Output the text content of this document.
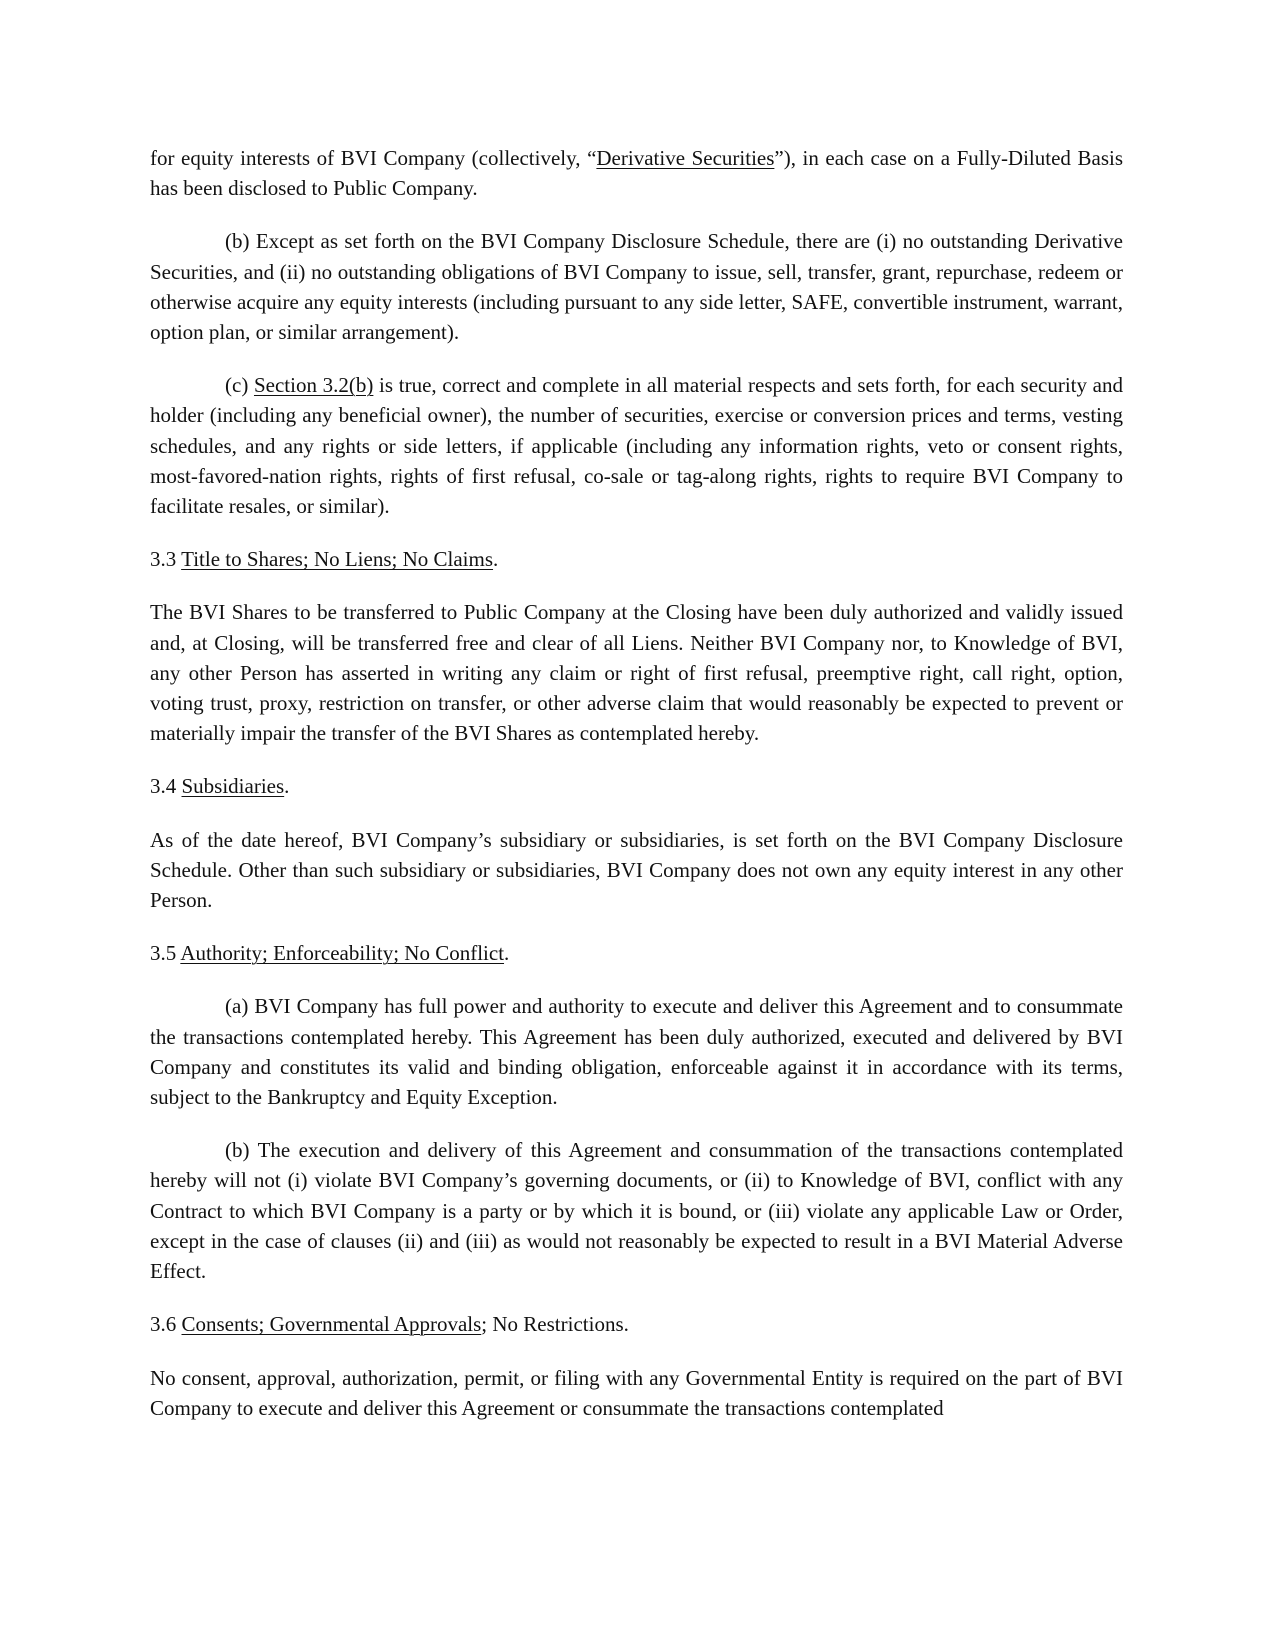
for equity interests of BVI Company (collectively, “Derivative Securities”), in each case on a Fully-Diluted Basis has been disclosed to Public Company.

(b) Except as set forth on the BVI Company Disclosure Schedule, there are (i) no outstanding Derivative Securities, and (ii) no outstanding obligations of BVI Company to issue, sell, transfer, grant, repurchase, redeem or otherwise acquire any equity interests (including pursuant to any side letter, SAFE, convertible instrument, warrant, option plan, or similar arrangement).

(c) Section 3.2(b) is true, correct and complete in all material respects and sets forth, for each security and holder (including any beneficial owner), the number of securities, exercise or conversion prices and terms, vesting schedules, and any rights or side letters, if applicable (including any information rights, veto or consent rights, most-favored-nation rights, rights of first refusal, co-sale or tag-along rights, rights to require BVI Company to facilitate resales, or similar).

3.3 Title to Shares; No Liens; No Claims.

The BVI Shares to be transferred to Public Company at the Closing have been duly authorized and validly issued and, at Closing, will be transferred free and clear of all Liens. Neither BVI Company nor, to Knowledge of BVI, any other Person has asserted in writing any claim or right of first refusal, preemptive right, call right, option, voting trust, proxy, restriction on transfer, or other adverse claim that would reasonably be expected to prevent or materially impair the transfer of the BVI Shares as contemplated hereby.

3.4 Subsidiaries.

As of the date hereof, BVI Company’s subsidiary or subsidiaries, is set forth on the BVI Company Disclosure Schedule. Other than such subsidiary or subsidiaries, BVI Company does not own any equity interest in any other Person.

3.5 Authority; Enforceability; No Conflict.

(a) BVI Company has full power and authority to execute and deliver this Agreement and to consummate the transactions contemplated hereby. This Agreement has been duly authorized, executed and delivered by BVI Company and constitutes its valid and binding obligation, enforceable against it in accordance with its terms, subject to the Bankruptcy and Equity Exception.

(b) The execution and delivery of this Agreement and consummation of the transactions contemplated hereby will not (i) violate BVI Company’s governing documents, or (ii) to Knowledge of BVI, conflict with any Contract to which BVI Company is a party or by which it is bound, or (iii) violate any applicable Law or Order, except in the case of clauses (ii) and (iii) as would not reasonably be expected to result in a BVI Material Adverse Effect.

3.6 Consents; Governmental Approvals; No Restrictions.

No consent, approval, authorization, permit, or filing with any Governmental Entity is required on the part of BVI Company to execute and deliver this Agreement or consummate the transactions contemplated
